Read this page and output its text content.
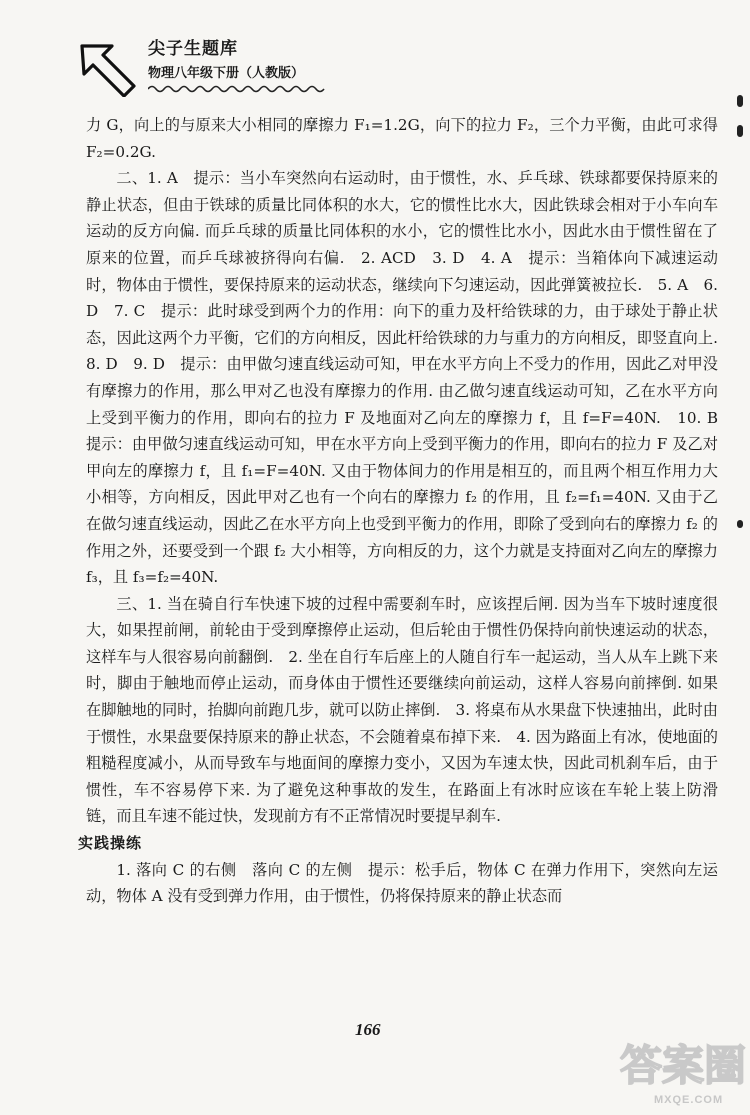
尖子生题库
物理八年级下册（人教版）

力 G，向上的与原来大小相同的摩擦力 F₁=1.2G，向下的拉力 F₂，三个力平衡，由此可求得 F₂=0.2G.

二、1. A　提示：当小车突然向右运动时，由于惯性，水、乒乓球、铁球都要保持原来的静止状态，但由于铁球的质量比同体积的水大，它的惯性比水大，因此铁球会相对于小车向车运动的反方向偏. 而乒乓球的质量比同体积的水小，它的惯性比水小，因此水由于惯性留在了原来的位置，而乒乓球被挤得向右偏.　2. ACD　3. D　4. A　提示：当箱体向下减速运动时，物体由于惯性，要保持原来的运动状态，继续向下匀速运动，因此弹簧被拉长.　5. A　6. D　7. C　提示：此时球受到两个力的作用：向下的重力及杆给铁球的力，由于球处于静止状态，因此这两个力平衡，它们的方向相反，因此杆给铁球的力与重力的方向相反，即竖直向上.　8. D　9. D　提示：由甲做匀速直线运动可知，甲在水平方向上不受力的作用，因此乙对甲没有摩擦力的作用，那么甲对乙也没有摩擦力的作用. 由乙做匀速直线运动可知，乙在水平方向上受到平衡力的作用，即向右的拉力 F 及地面对乙向左的摩擦力 f，且 f=F=40N.　10. B　提示：由甲做匀速直线运动可知，甲在水平方向上受到平衡力的作用，即向右的拉力 F 及乙对甲向左的摩擦力 f，且 f₁=F=40N. 又由于物体间力的作用是相互的，而且两个相互作用力大小相等，方向相反，因此甲对乙也有一个向右的摩擦力 f₂ 的作用，且 f₂=f₁=40N. 又由于乙在做匀速直线运动，因此乙在水平方向上也受到平衡力的作用，即除了受到向右的摩擦力 f₂ 的作用之外，还要受到一个跟 f₂ 大小相等，方向相反的力，这个力就是支持面对乙向左的摩擦力 f₃，且 f₃=f₂=40N.

三、1. 当在骑自行车快速下坡的过程中需要刹车时，应该捏后闸. 因为当车下坡时速度很大，如果捏前闸，前轮由于受到摩擦停止运动，但后轮由于惯性仍保持向前快速运动的状态，这样车与人很容易向前翻倒.　2. 坐在自行车后座上的人随自行车一起运动，当人从车上跳下来时，脚由于触地而停止运动，而身体由于惯性还要继续向前运动，这样人容易向前摔倒. 如果在脚触地的同时，抬脚向前跑几步，就可以防止摔倒.　3. 将桌布从水果盘下快速抽出，此时由于惯性，水果盘要保持原来的静止状态，不会随着桌布掉下来.　4. 因为路面上有冰，使地面的粗糙程度减小，从而导致车与地面间的摩擦力变小，又因为车速太快，因此司机刹车后，由于惯性，车不容易停下来. 为了避免这种事故的发生，在路面上有冰时应该在车轮上装上防滑链，而且车速不能过快，发现前方有不正常情况时要提早刹车.

实践操练

1. 落向 C 的右侧　落向 C 的左侧　提示：松手后，物体 C 在弹力作用下，突然向左运动，物体 A 没有受到弹力作用，由于惯性，仍将保持原来的静止状态而

166
答案圈
MXQE.COM
